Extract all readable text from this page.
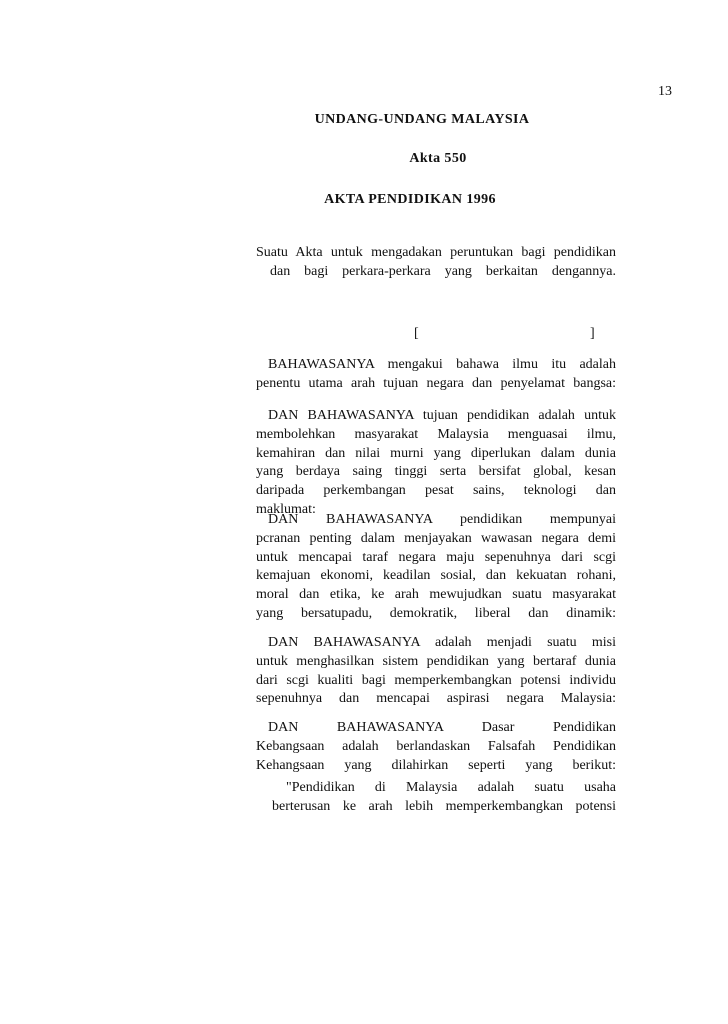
13
UNDANG-UNDANG MALAYSIA
Akta 550
AKTA PENDIDIKAN 1996
Suatu Akta untuk mengadakan peruntukan bagi pendidikan
dan bagi perkara-perkara yang berkaitan dengannya.
[	]
BAHAWASANYA mengakui bahawa ilmu itu adalah
penentu utama arah tujuan negara dan penyelamat bangsa:
DAN BAHAWASANYA tujuan pendidikan adalah untuk
membolehkan masyarakat Malaysia menguasai ilmu,
kemahiran dan nilai murni yang diperlukan dalam dunia
yang berdaya saing tinggi serta bersifat global, kesan
daripada perkembangan pesat sains, teknologi dan
maklumat:
DAN BAHAWASANYA pendidikan mempunyai
pcranan penting dalam menjayakan wawasan negara demi
untuk mencapai taraf negara maju sepenuhnya dari scgi
kemajuan ekonomi, keadilan sosial, dan kekuatan rohani,
moral dan etika, ke arah mewujudkan suatu masyarakat
yang bersatupadu, demokratik, liberal dan dinamik:
DAN BAHAWASANYA adalah menjadi suatu misi
untuk menghasilkan sistem pendidikan yang bertaraf dunia
dari scgi kualiti bagi memperkembangkan potensi individu
sepenuhnya dan mencapai aspirasi negara Malaysia:
DAN BAHAWASANYA Dasar Pendidikan
Kebangsaan adalah berlandaskan Falsafah Pendidikan
Kehangsaan yang dilahirkan seperti yang berikut:
"Pendidikan di Malaysia adalah suatu usaha
berterusan ke arah lebih memperkembangkan potensi
